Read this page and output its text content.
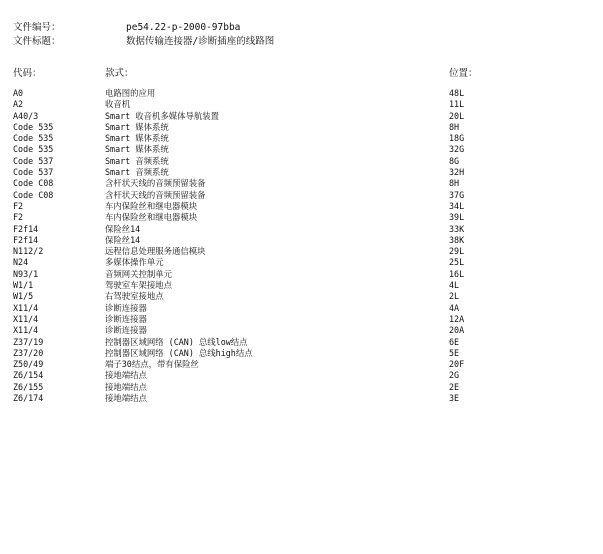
文件编号：	pe54.22-p-2000-97bba
文件标题：	数据传输连接器/诊断插座的线路图
代码：	款式：	位置：
A0	电路图的应用	48L
A2	收音机	11L
A40/3	Smart 收音机多媒体导航装置	20L
Code 535	Smart 媒体系统	8H
Code 535	Smart 媒体系统	18G
Code 535	Smart 媒体系统	32G
Code 537	Smart 音频系统	8G
Code 537	Smart 音频系统	32H
Code C08	含杆状天线的音频预留装备	8H
Code C08	含杆状天线的音频预留装备	37G
F2	车内保险丝和继电器模块	34L
F2	车内保险丝和继电器模块	39L
F2f14	保险丝14	33K
F2f14	保险丝14	38K
N112/2	远程信息处理服务通信模块	29L
N24	多媒体操作单元	25L
N93/1	音频网关控制单元	16L
W1/1	驾驶室车架接地点	4L
W1/5	右驾驶室接地点	2L
X11/4	诊断连接器	4A
X11/4	诊断连接器	12A
X11/4	诊断连接器	20A
Z37/19	控制器区域网络 (CAN) 总线low结点	6E
Z37/20	控制器区域网络 (CAN) 总线high结点	5E
Z50/49	端子30结点，带有保险丝	20F
Z6/154	接地端结点	2G
Z6/155	接地端结点	2E
Z6/174	接地端结点	3E
